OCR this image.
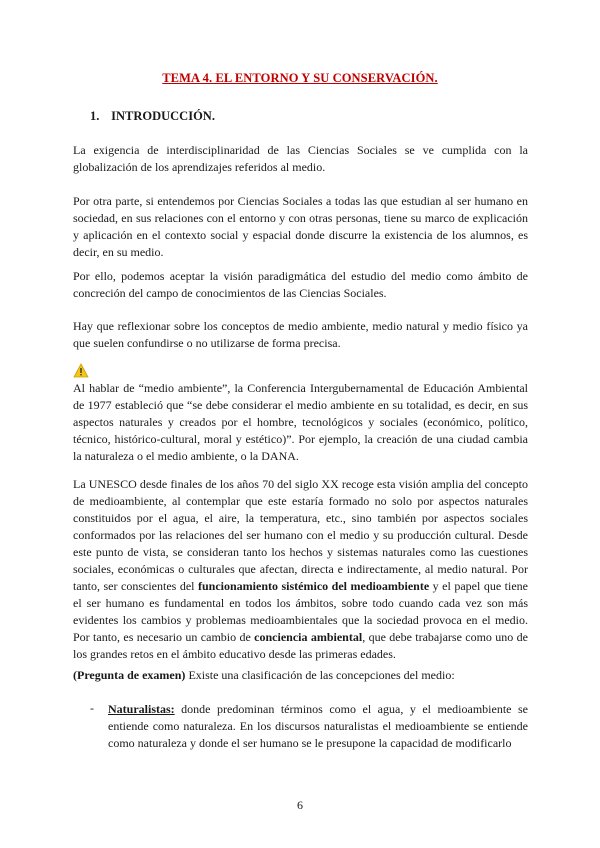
TEMA 4. EL ENTORNO Y SU CONSERVACIÓN.
1. INTRODUCCIÓN.

La exigencia de interdisciplinaridad de las Ciencias Sociales se ve cumplida con la globalización de los aprendizajes referidos al medio.

Por otra parte, si entendemos por Ciencias Sociales a todas las que estudian al ser humano en sociedad, en sus relaciones con el entorno y con otras personas, tiene su marco de explicación y aplicación en el contexto social y espacial donde discurre la existencia de los alumnos, es decir, en su medio.

Por ello, podemos aceptar la visión paradigmática del estudio del medio como ámbito de concreción del campo de conocimientos de las Ciencias Sociales.

Hay que reflexionar sobre los conceptos de medio ambiente, medio natural y medio físico ya que suelen confundirse o no utilizarse de forma precisa.

Al hablar de “medio ambiente”, la Conferencia Intergubernamental de Educación Ambiental de 1977 estableció que “se debe considerar el medio ambiente en su totalidad, es decir, en sus aspectos naturales y creados por el hombre, tecnológicos y sociales (económico, político, técnico, histórico-cultural, moral y estético)”. Por ejemplo, la creación de una ciudad cambia la naturaleza o el medio ambiente, o la DANA.

La UNESCO desde finales de los años 70 del siglo XX recoge esta visión amplia del concepto de medioambiente, al contemplar que este estaría formado no solo por aspectos naturales constituidos por el agua, el aire, la temperatura, etc., sino también por aspectos sociales conformados por las relaciones del ser humano con el medio y su producción cultural. Desde este punto de vista, se consideran tanto los hechos y sistemas naturales como las cuestiones sociales, económicas o culturales que afectan, directa e indirectamente, al medio natural. Por tanto, ser conscientes del funcionamiento sistémico del medioambiente y el papel que tiene el ser humano es fundamental en todos los ámbitos, sobre todo cuando cada vez son más evidentes los cambios y problemas medioambientales que la sociedad provoca en el medio. Por tanto, es necesario un cambio de conciencia ambiental, que debe trabajarse como uno de los grandes retos en el ámbito educativo desde las primeras edades.

(Pregunta de examen) Existe una clasificación de las concepciones del medio:

- Naturalistas: donde predominan términos como el agua, y el medioambiente se entiende como naturaleza. En los discursos naturalistas el medioambiente se entiende como naturaleza y donde el ser humano se le presupone la capacidad de modificarlo

6
